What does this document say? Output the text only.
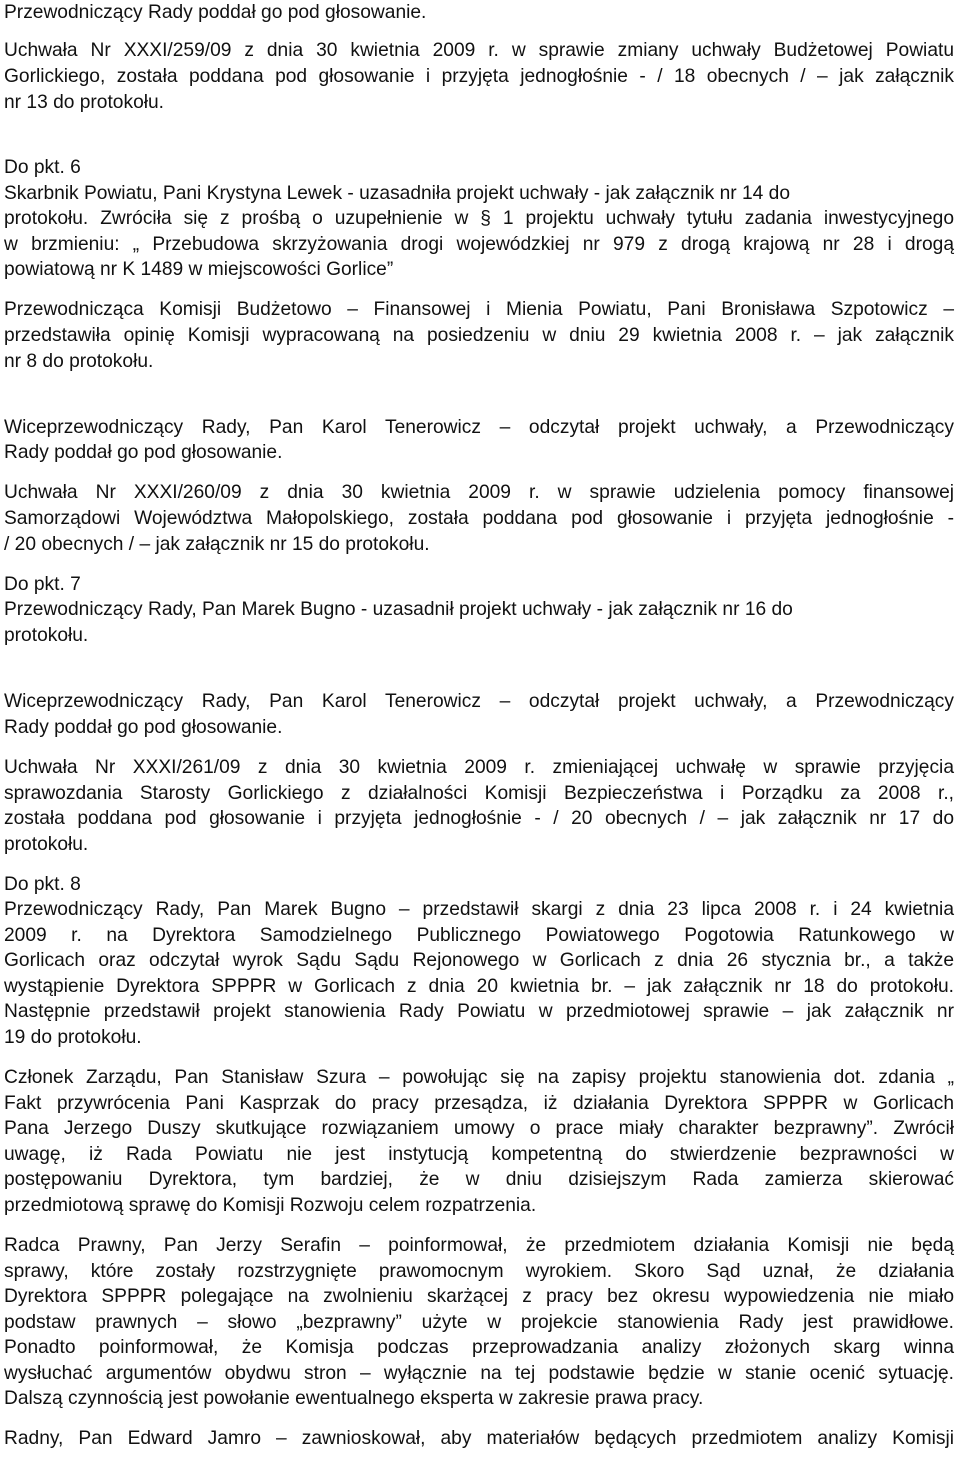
Przewodniczący Rady poddał go pod głosowanie.
Uchwała Nr XXXI/259/09 z dnia 30 kwietnia 2009 r. w sprawie zmiany uchwały Budżetowej Powiatu
Gorlickiego, została poddana pod głosowanie i przyjęta jednogłośnie - / 18 obecnych / – jak załącznik
nr 13 do protokołu.
Do pkt. 6
Skarbnik Powiatu, Pani Krystyna Lewek - uzasadniła projekt uchwały - jak załącznik nr 14 do
protokołu. Zwróciła się z prośbą o uzupełnienie w § 1 projektu uchwały tytułu zadania inwestycyjnego
w brzmieniu: „ Przebudowa skrzyżowania drogi wojewódzkiej nr 979 z drogą krajową nr 28 i drogą
powiatową nr K 1489 w miejscowości Gorlice”
Przewodnicząca Komisji Budżetowo – Finansowej i Mienia Powiatu, Pani Bronisława Szpotowicz –
przedstawiła opinię Komisji wypracowaną na posiedzeniu w dniu 29 kwietnia 2008 r. – jak załącznik
nr 8 do protokołu.
Wiceprzewodniczący Rady, Pan Karol Tenerowicz – odczytał projekt uchwały, a Przewodniczący
Rady poddał go pod głosowanie.
Uchwała Nr XXXI/260/09 z dnia 30 kwietnia 2009 r. w sprawie udzielenia pomocy finansowej
Samorządowi Województwa Małopolskiego, została poddana pod głosowanie i przyjęta jednogłośnie -
/ 20 obecnych / – jak załącznik nr 15 do protokołu.
Do pkt. 7
Przewodniczący Rady, Pan Marek Bugno - uzasadnił projekt uchwały - jak załącznik nr 16 do
protokołu.
Wiceprzewodniczący Rady, Pan Karol Tenerowicz – odczytał projekt uchwały, a Przewodniczący
Rady poddał go pod głosowanie.
Uchwała Nr XXXI/261/09 z dnia 30 kwietnia 2009 r. zmieniającej uchwałę w sprawie przyjęcia
sprawozdania Starosty Gorlickiego z działalności Komisji Bezpieczeństwa i Porządku za 2008 r.,
została poddana pod głosowanie i przyjęta jednogłośnie - / 20 obecnych / – jak załącznik nr 17 do
protokołu.
Do pkt. 8
Przewodniczący Rady, Pan Marek Bugno – przedstawił skargi z dnia 23 lipca 2008 r. i 24 kwietnia
2009 r. na Dyrektora Samodzielnego Publicznego Powiatowego Pogotowia Ratunkowego w
Gorlicach oraz odczytał wyrok Sądu Sądu Rejonowego w Gorlicach z dnia 26 stycznia br., a także
wystąpienie Dyrektora SPPPR w Gorlicach z dnia 20 kwietnia br. – jak załącznik nr 18 do protokołu.
Następnie przedstawił projekt stanowienia Rady Powiatu w przedmiotowej sprawie – jak załącznik nr
19 do protokołu.
Członek Zarządu, Pan Stanisław Szura – powołując się na zapisy projektu stanowienia dot. zdania „
Fakt przywrócenia Pani Kasprzak do pracy przesądza, iż działania Dyrektora SPPPR w Gorlicach
Pana Jerzego Duszy skutkujące rozwiązaniem umowy o prace miały charakter bezprawny”. Zwrócił
uwagę, iż Rada Powiatu nie jest instytucją kompetentną do stwierdzenie bezprawności w
postępowaniu Dyrektora, tym bardziej, że w dniu dzisiejszym Rada zamierza skierować
przedmiotową sprawę do Komisji Rozwoju celem rozpatrzenia.
Radca Prawny, Pan Jerzy Serafin – poinformował, że przedmiotem działania Komisji nie będą
sprawy, które zostały rozstrzygnięte prawomocnym wyrokiem. Skoro Sąd uznał, że działania
Dyrektora SPPPR polegające na zwolnieniu skarżącej z pracy bez okresu wypowiedzenia nie miało
podstaw prawnych – słowo „bezprawny” użyte w projekcie stanowienia Rady jest prawidłowe.
Ponadto poinformował, że Komisja podczas przeprowadzania analizy złożonych skarg winna
wysłuchać argumentów obydwu stron – wyłącznie na tej podstawie będzie w stanie ocenić sytuację.
Dalszą czynnością jest powołanie ewentualnego eksperta w zakresie prawa pracy.
Radny, Pan Edward Jamro – zawnioskował, aby materiałów będących przedmiotem analizy Komisji
